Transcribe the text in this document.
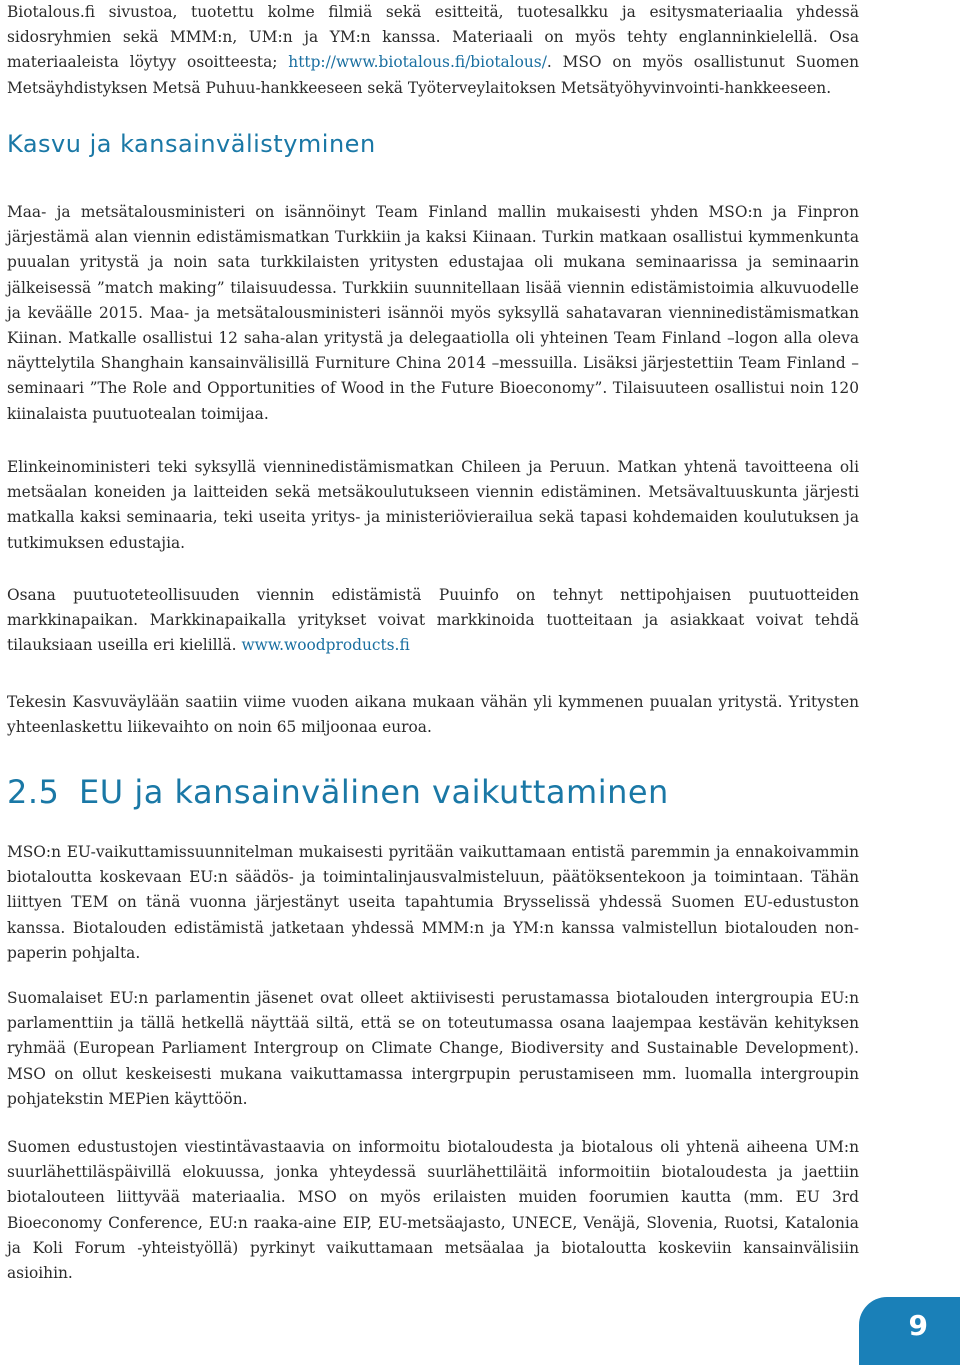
Biotalous.fi sivustoa, tuotettu kolme filmiä sekä esitteitä, tuotesalkku ja esitysmateriaalia yhdessä sidosryhmien sekä MMM:n, UM:n ja YM:n kanssa. Materiaali on myös tehty englanninkielellä. Osa materiaaleista löytyy osoitteesta; http://www.biotalous.fi/biotalous/. MSO on myös osallistunut Suomen Metsäyhdistyksen Metsä Puhuu-hankkeeseen sekä Työterveylaitoksen Metsätyöhyvinvointi-hankkeeseen.

Kasvu ja kansainvälistyminen

Maa- ja metsätalousministeri on isännöinyt Team Finland mallin mukaisesti yhden MSO:n ja Finpron järjestämä alan viennin edistämismatkan Turkkiin ja kaksi Kiinaan. Turkin matkaan osallistui kymmenkunta puualan yritystä ja noin sata turkkilaisten yritysten edustajaa oli mukana seminaarissa ja seminaarin jälkeisessä ”match making” tilaisuudessa. Turkkiin suunnitellaan lisää viennin edistämistoimia alkuvuodelle ja keväälle 2015. Maa- ja metsätalousministeri isännöi myös syksyllä sahatavaran vienninedistämismatkan Kiinan. Matkalle osallistui 12 saha-alan yritystä ja delegaatiolla oli yhteinen Team Finland –logon alla oleva näyttelytila Shanghain kansainvälisillä Furniture China 2014 –messuilla. Lisäksi järjestettiin Team Finland –seminaari ”The Role and Opportunities of Wood in the Future Bioeconomy”. Tilaisuuteen osallistui noin 120 kiinalaista puutuotealan toimijaa.

Elinkeinoministeri teki syksyllä vienninedistämismatkan Chileen ja Peruun. Matkan yhtenä tavoitteena oli metsäalan koneiden ja laitteiden sekä metsäkoulutukseen viennin edistäminen. Metsävaltuuskunta järjesti matkalla kaksi seminaaria, teki useita yritys- ja ministeriövierailua sekä tapasi kohdemaiden koulutuksen ja tutkimuksen edustajia.

Osana puutuoteteollisuuden viennin edistämistä Puuinfo on tehnyt nettipohjaisen puutuotteiden markkinapaikan. Markkinapaikalla yritykset voivat markkinoida tuotteitaan ja asiakkaat voivat tehdä tilauksiaan useilla eri kielillä. www.woodproducts.fi

Tekesin Kasvuväylään saatiin viime vuoden aikana mukaan vähän yli kymmenen puualan yritystä. Yritysten yhteenlaskettu liikevaihto on noin 65 miljoonaa euroa.

2.5 EU ja kansainvälinen vaikuttaminen

MSO:n EU-vaikuttamissuunnitelman mukaisesti pyritään vaikuttamaan entistä paremmin ja ennakoivammin biotaloutta koskevaan EU:n säädös- ja toimintalinjausvalmisteluun, päätöksentekoon ja toimintaan. Tähän liittyen TEM on tänä vuonna järjestänyt useita tapahtumia Brysselissä yhdessä Suomen EU-edustuston kanssa. Biotalouden edistämistä jatketaan yhdessä MMM:n ja YM:n kanssa valmistellun biotalouden non-paperin pohjalta.

Suomalaiset EU:n parlamentin jäsenet ovat olleet aktiivisesti perustamassa biotalouden intergroupia EU:n parlamenttiin ja tällä hetkellä näyttää siltä, että se on toteutumassa osana laajempaa kestävän kehityksen ryhmää (European Parliament Intergroup on Climate Change, Biodiversity and Sustainable Development). MSO on ollut keskeisesti mukana vaikuttamassa intergrpupin perustamiseen mm. luomalla intergroupin pohjatekstin MEPien käyttöön.

Suomen edustustojen viestintävastaavia on informoitu biotaloudesta ja biotalous oli yhtenä aiheena UM:n suurlähettiläspäivillä elokuussa, jonka yhteydessä suurlähettiläitä informoitiin biotaloudesta ja jaettiin biotalouteen liittyvää materiaalia. MSO on myös erilaisten muiden foorumien kautta (mm. EU 3rd Bioeconomy Conference, EU:n raaka-aine EIP, EU-metsäajasto, UNECE, Venäjä, Slovenia, Ruotsi, Katalonia ja Koli Forum -yhteistyöllä) pyrkinyt vaikuttamaan metsäalaa ja biotaloutta koskeviin kansainvälisiin asioihin.

9
